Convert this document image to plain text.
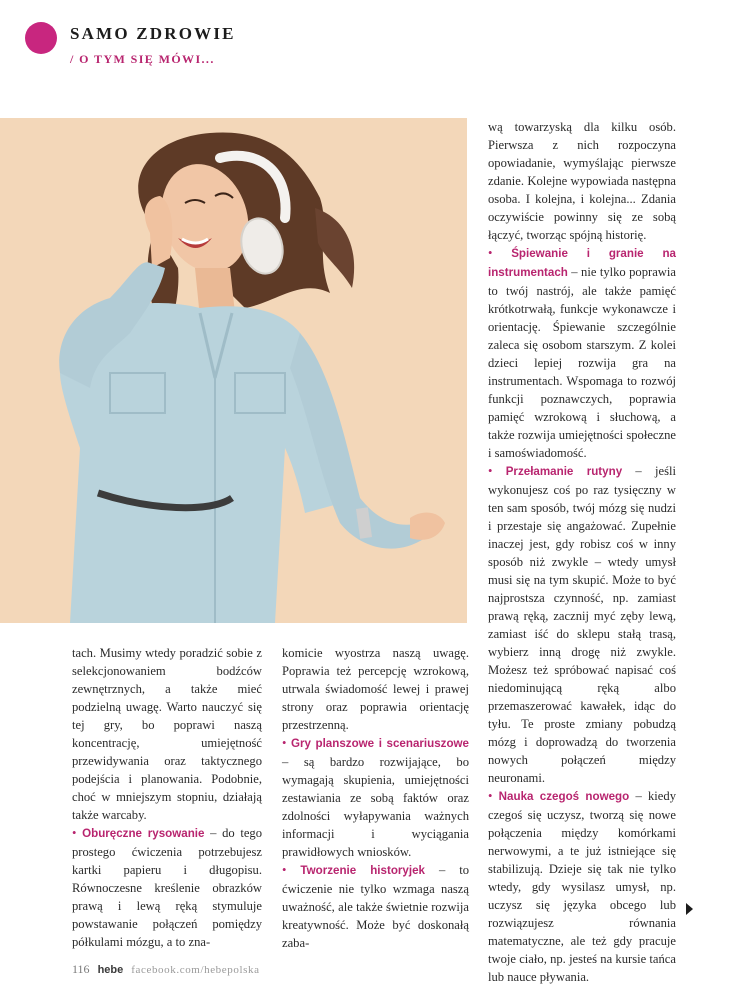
SAMO ZDROWIE
/ O TYM SIĘ MÓWI...

tach. Musimy wtedy poradzić sobie z selekcjonowaniem bodźców zewnętrznych, a także mieć podzielną uwagę. Warto nauczyć się tej gry, bo poprawi naszą koncentrację, umiejętność przewidywania oraz taktycznego podejścia i planowania. Podobnie, choć w mniejszym stopniu, działają także warcaby.

• Oburęczne rysowanie – do tego prostego ćwiczenia potrzebujesz kartki papieru i długopisu. Równoczesne kreślenie obrazków prawą i lewą ręką stymuluje powstawanie połączeń pomiędzy półkulami mózgu, a to zna-

komicie wyostrza naszą uwagę. Poprawia też percepcję wzrokową, utrwala świadomość lewej i prawej strony oraz poprawia orientację przestrzenną.

• Gry planszowe i scenariuszowe – są bardzo rozwijające, bo wymagają skupienia, umiejętności zestawiania ze sobą faktów oraz zdolności wyłapywania ważnych informacji i wyciągania prawidłowych wniosków.

• Tworzenie historyjek – to ćwiczenie nie tylko wzmaga naszą uważność, ale także świetnie rozwija kreatywność. Może być doskonałą zaba-

wą towarzyską dla kilku osób. Pierwsza z nich rozpoczyna opowiadanie, wymyślając pierwsze zdanie. Kolejne wypowiada następna osoba. I kolejna, i kolejna... Zdania oczywiście powinny się ze sobą łączyć, tworząc spójną historię.

• Śpiewanie i granie na instrumentach – nie tylko poprawia to twój nastrój, ale także pamięć krótkotrwałą, funkcje wykonawcze i orientację. Śpiewanie szczególnie zaleca się osobom starszym. Z kolei dzieci lepiej rozwija gra na instrumentach. Wspomaga to rozwój funkcji poznawczych, poprawia pamięć wzrokową i słuchową, a także rozwija umiejętności społeczne i samoświadomość.

• Przełamanie rutyny – jeśli wykonujesz coś po raz tysięczny w ten sam sposób, twój mózg się nudzi i przestaje się angażować. Zupełnie inaczej jest, gdy robisz coś w inny sposób niż zwykle – wtedy umysł musi się na tym skupić. Może to być najprostsza czynność, np. zamiast prawą ręką, zacznij myć zęby lewą, zamiast iść do sklepu stałą trasą, wybierz inną drogę niż zwykle. Możesz też spróbować napisać coś niedominującą ręką albo przemaszerować kawałek, idąc do tyłu. Te proste zmiany pobudzą mózg i doprowadzą do tworzenia nowych połączeń między neuronami.

• Nauka czegoś nowego – kiedy czegoś się uczysz, tworzą się nowe połączenia między komórkami nerwowymi, a te już istniejące się stabilizują. Dzieje się tak nie tylko wtedy, gdy wysilasz umysł, np. uczysz się języka obcego lub rozwiązujesz równania matematyczne, ale też gdy pracuje twoje ciało, np. jesteś na kursie tańca lub nauce pływania.

116 hebe facebook.com/hebepolska
